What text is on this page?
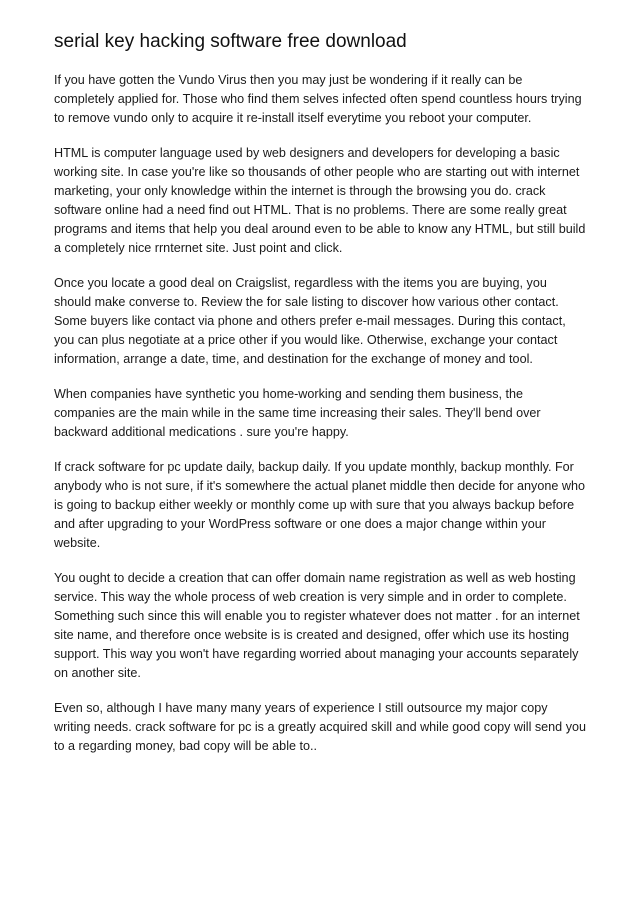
serial key hacking software free download

If you have gotten the Vundo Virus then you may just be wondering if it really can be completely applied for. Those who find them selves infected often spend countless hours trying to remove vundo only to acquire it re-install itself everytime you reboot your computer.

HTML is computer language used by web designers and developers for developing a basic working site. In case you're like so thousands of other people who are starting out with internet marketing, your only knowledge within the internet is through the browsing you do. crack software online had a need find out HTML. That is no problems. There are some really great programs and items that help you deal around even to be able to know any HTML, but still build a completely nice rrnternet site. Just point and click.

Once you locate a good deal on Craigslist, regardless with the items you are buying, you should make converse to. Review the for sale listing to discover how various other contact. Some buyers like contact via phone and others prefer e-mail messages. During this contact, you can plus negotiate at a price other if you would like. Otherwise, exchange your contact information, arrange a date, time, and destination for the exchange of money and tool.

When companies have synthetic you home-working and sending them business, the companies are the main while in the same time increasing their sales. They'll bend over backward additional medications . sure you're happy.

If crack software for pc update daily, backup daily. If you update monthly, backup monthly. For anybody who is not sure, if it's somewhere the actual planet middle then decide for anyone who is going to backup either weekly or monthly come up with sure that you always backup before and after upgrading to your WordPress software or one does a major change within your website.

You ought to decide a creation that can offer domain name registration as well as web hosting service. This way the whole process of web creation is very simple and in order to complete. Something such since this will enable you to register whatever does not matter . for an internet site name, and therefore once website is is created and designed, offer which use its hosting support. This way you won't have regarding worried about managing your accounts separately on another site.

Even so, although I have many many years of experience I still outsource my major copy writing needs. crack software for pc is a greatly acquired skill and while good copy will send you to a regarding money, bad copy will be able to..
